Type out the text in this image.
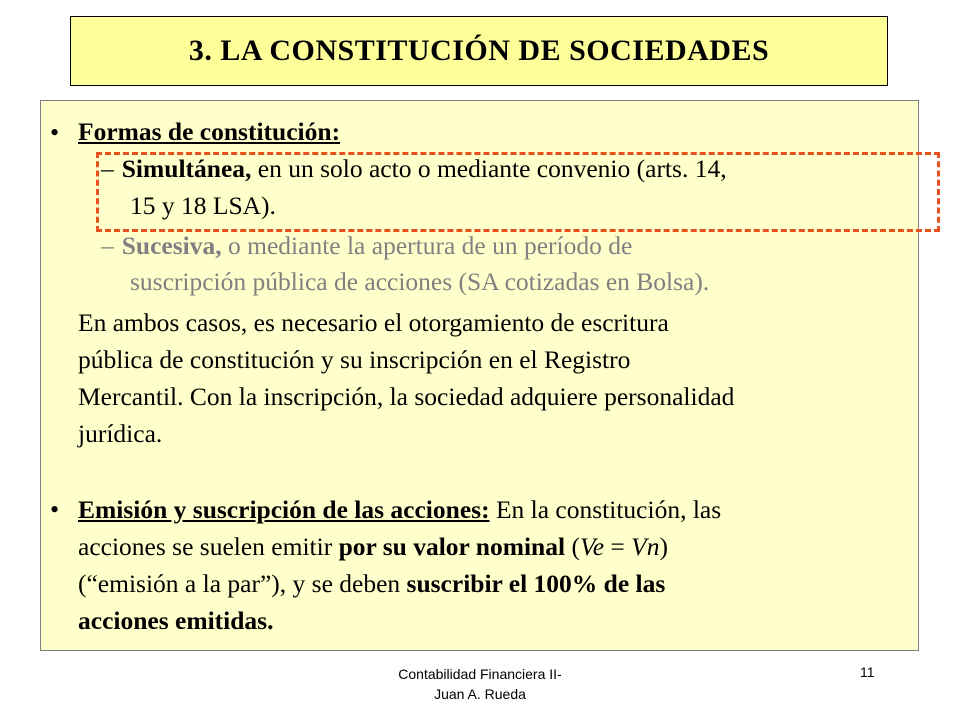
3. LA CONSTITUCIÓN DE SOCIEDADES
• Formas de constitución:
– Simultánea, en un solo acto o mediante convenio (arts. 14,
15 y 18 LSA).
– Sucesiva, o mediante la apertura de un período de
suscripción pública de acciones (SA cotizadas en Bolsa).
En ambos casos, es necesario el otorgamiento de escritura
pública de constitución y su inscripción en el Registro
Mercantil. Con la inscripción, la sociedad adquiere personalidad
jurídica.
• Emisión y suscripción de las acciones: En la constitución, las
acciones se suelen emitir por su valor nominal (Ve = Vn)
(“emisión a la par”), y se deben suscribir el 100% de las
acciones emitidas.
Contabilidad Financiera II-
Juan A. Rueda
11
